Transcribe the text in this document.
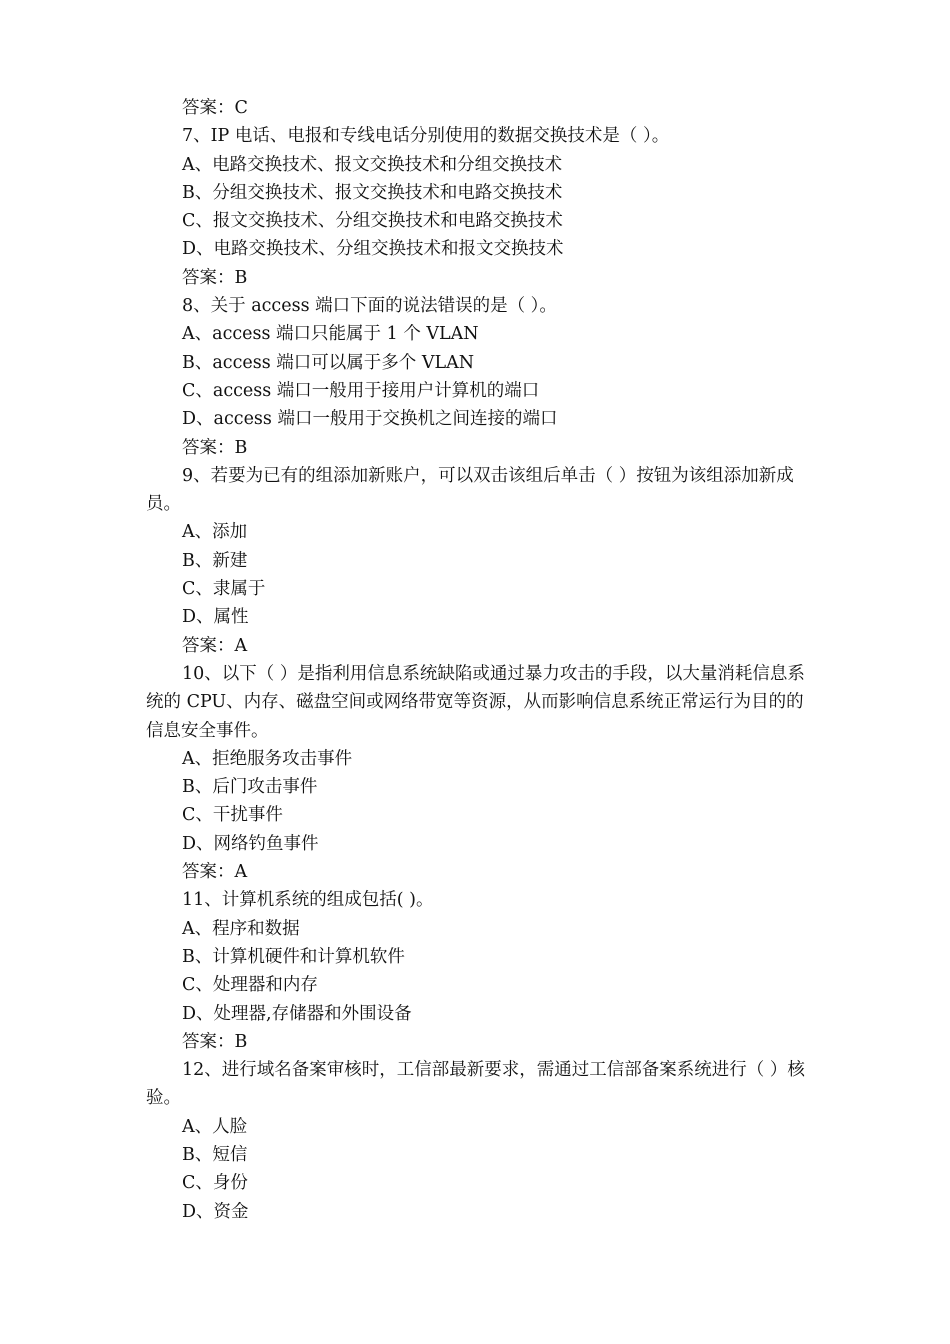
答案：C

7、IP 电话、电报和专线电话分别使用的数据交换技术是（ ）。

A、电路交换技术、报文交换技术和分组交换技术

B、分组交换技术、报文交换技术和电路交换技术

C、报文交换技术、分组交换技术和电路交换技术

D、电路交换技术、分组交换技术和报文交换技术

答案：B

8、关于 access 端口下面的说法错误的是（ ）。

A、access 端口只能属于 1 个 VLAN

B、access 端口可以属于多个 VLAN

C、access 端口一般用于接用户计算机的端口

D、access 端口一般用于交换机之间连接的端口

答案：B

9、若要为已有的组添加新账户，可以双击该组后单击（ ）按钮为该组添加新成员。

A、添加

B、新建

C、隶属于

D、属性

答案：A

10、以下（ ）是指利用信息系统缺陷或通过暴力攻击的手段，以大量消耗信息系统的 CPU、内存、磁盘空间或网络带宽等资源，从而影响信息系统正常运行为目的的信息安全事件。

A、拒绝服务攻击事件

B、后门攻击事件

C、干扰事件

D、网络钓鱼事件

答案：A

11、计算机系统的组成包括( )。

A、程序和数据

B、计算机硬件和计算机软件

C、处理器和内存

D、处理器,存储器和外围设备

答案：B

12、进行域名备案审核时，工信部最新要求，需通过工信部备案系统进行（ ）核验。

A、人脸

B、短信

C、身份

D、资金
